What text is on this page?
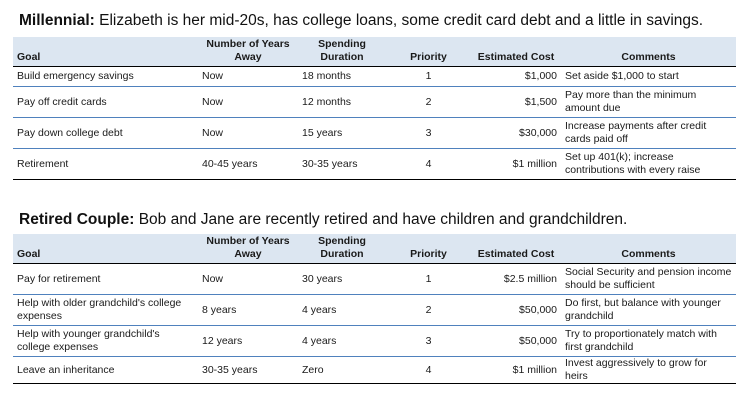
Millennial: Elizabeth is her mid-20s, has college loans, some credit card debt and a little in savings.
Goal	Number of Years Away	Spending Duration	Priority	Estimated Cost	Comments
Build emergency savings	Now	18 months	1	$1,000	Set aside $1,000 to start
Pay off credit cards	Now	12 months	2	$1,500	Pay more than the minimum amount due
Pay down college debt	Now	15 years	3	$30,000	Increase payments after credit cards paid off
Retirement	40-45 years	30-35 years	4	$1 million	Set up 401(k); increase contributions with every raise
Retired Couple: Bob and Jane are recently retired and have children and grandchildren.
Goal	Number of Years Away	Spending Duration	Priority	Estimated Cost	Comments
Pay for retirement	Now	30 years	1	$2.5 million	Social Security and pension income should be sufficient
Help with older grandchild's college expenses	8 years	4 years	2	$50,000	Do first, but balance with younger grandchild
Help with younger grandchild's college expenses	12 years	4 years	3	$50,000	Try to proportionately match with first grandchild
Leave an inheritance	30-35 years	Zero	4	$1 million	Invest aggressively to grow for heirs
